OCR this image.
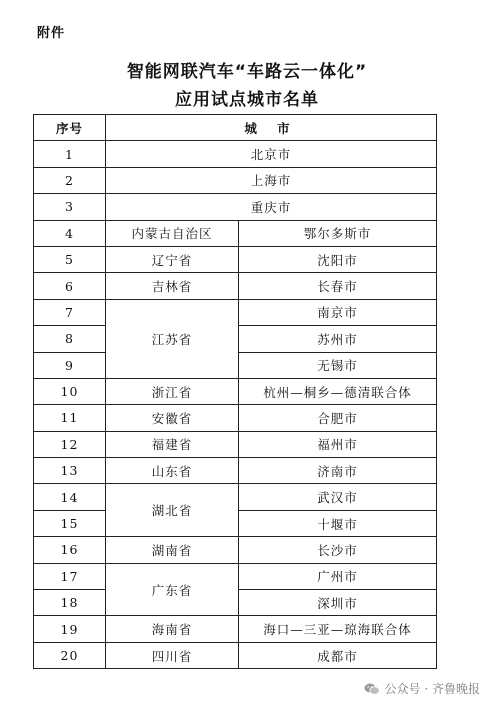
附件
智能网联汽车“车路云一体化”
应用试点城市名单
序号	城 市	
1	北京市	
2	上海市	
3	重庆市	
4	内蒙古自治区	鄂尔多斯市
5	辽宁省	沈阳市
6	吉林省	长春市
7	江苏省	南京市
8		苏州市
9		无锡市
10	浙江省	杭州—桐乡—德清联合体
11	安徽省	合肥市
12	福建省	福州市
13	山东省	济南市
14	湖北省	武汉市
15		十堰市
16	湖南省	长沙市
17	广东省	广州市
18		深圳市
19	海南省	海口—三亚—琼海联合体
20	四川省	成都市
公众号 · 齐鲁晚报
